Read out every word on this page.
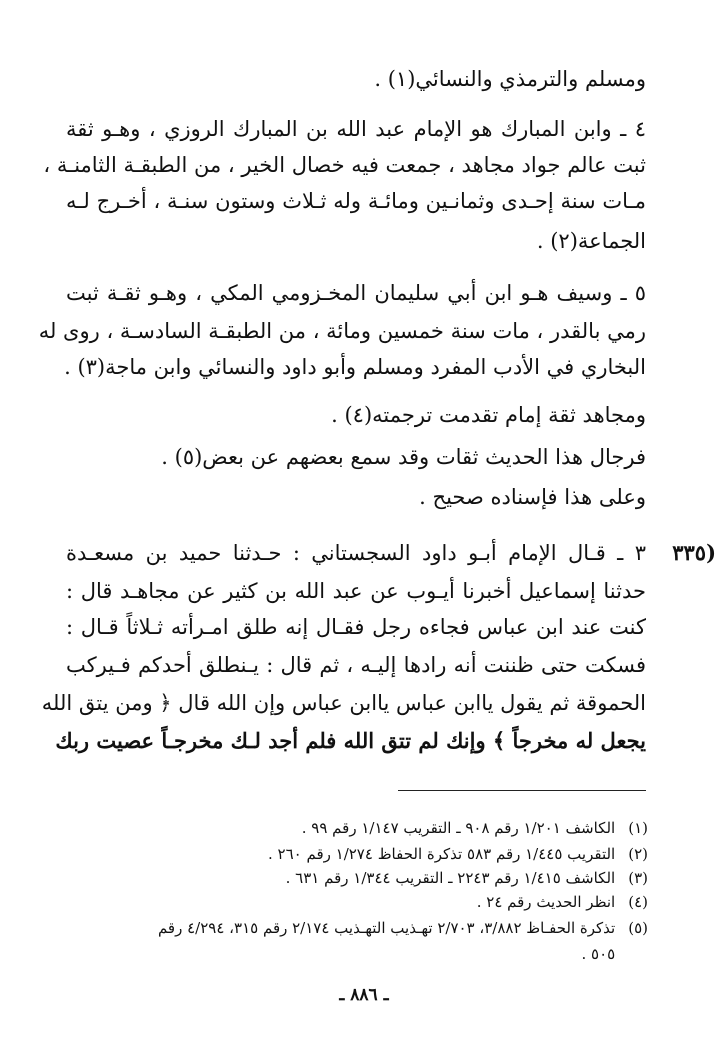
ومسلم والترمذي والنسائي(١) .
٤ ـ وابن المبارك هو الإمام عبد الله بن المبارك الروزي ، وهـو ثقة
ثبت عالم جواد مجاهد ، جمعت فيه خصال الخير ، من الطبقـة الثامنـة ،
مـات سنة إحـدى وثمانـين ومائـة وله ثـلاث وستون سنـة ، أخـرج لـه
الجماعة(٢) .
٥ ـ وسيف هـو ابن أبي سليمان المخـزومي المكي ، وهـو ثقـة ثبت
رمي بالقدر ، مات سنة خمسين ومائة ، من الطبقـة السادسـة ، روى له
البخاري في الأدب المفرد ومسلم وأبو داود والنسائي وابن ماجة(٣) .
ومجاهد ثقة إمام تقدمت ترجمته(٤) .
فرجال هذا الحديث ثقات وقد سمع بعضهم عن بعض(٥) .
وعلى هذا فإسناده صحيح .
(٣٣٥
٣ ـ قـال الإمام أبـو داود السجستاني : حـدثنا حميد بن مسعـدة
حدثنا إسماعيل أخبرنا أيـوب عن عبد الله بن كثير عن مجاهـد قال :
كنت عند ابن عباس فجاءه رجل فقـال إنه طلق امـرأته ثـلاثاً قـال :
فسكت حتى ظننت أنه رادها إليـه ، ثم قال : يـنطلق أحدكم فـيركب
الحموقة ثم يقول ياابن عباس ياابن عباس وإن الله قال ﴿ ومن يتق الله
يجعل له مخرجاً ﴾ وإنك لم تتق الله فلم أجد لـك مخرجـاً عصيت ربك
(١) الكاشف ١/٢٠١ رقم ٩٠٨ ـ التقريب ١/١٤٧ رقم ٩٩ .
(٢) التقريب ١/٤٤٥ رقم ٥٨٣ تذكرة الحفاظ ١/٢٧٤ رقم ٢٦٠ .
(٣) الكاشف ١/٤١٥ رقم ٢٢٤٣ ـ التقريب ١/٣٤٤ رقم ٦٣١ .
(٤) انظر الحديث رقم ٢٤ .
(٥) تذكرة الحفـاظ ٣/٨٨٢، ٢/٧٠٣ تهـذيب التهـذيب ٢/١٧٤ رقم ٣١٥، ٤/٢٩٤ رقم
٥٠٥ .
ـ ٨٨٦ ـ
